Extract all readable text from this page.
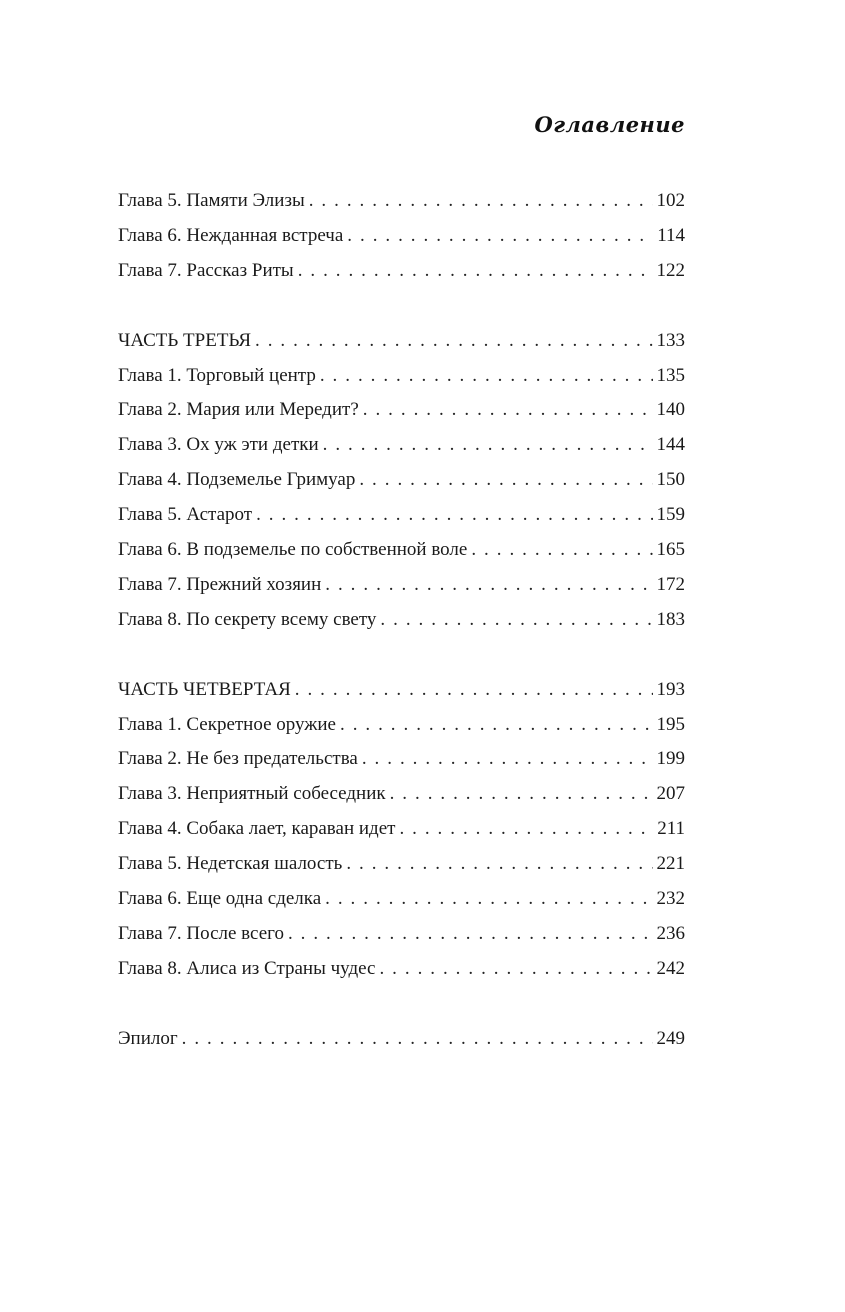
Оглавление
Глава 5. Памяти Элизы . . .	102
Глава 6. Нежданная встреча . . .	114
Глава 7. Рассказ Риты . . .	122
ЧАСТЬ ТРЕТЬЯ . . .	133
Глава 1. Торговый центр . . .	135
Глава 2. Мария или Мередит? . . .	140
Глава 3. Ох уж эти детки . . .	144
Глава 4. Подземелье Гримуар . . .	150
Глава 5. Астарот . . .	159
Глава 6. В подземелье по собственной воле . . .	165
Глава 7. Прежний хозяин . . .	172
Глава 8. По секрету всему свету . . .	183
ЧАСТЬ ЧЕТВЕРТАЯ . . .	193
Глава 1. Секретное оружие . . .	195
Глава 2. Не без предательства . . .	199
Глава 3. Неприятный собеседник . . .	207
Глава 4. Собака лает, караван идет . . .	211
Глава 5. Недетская шалость . . .	221
Глава 6. Еще одна сделка . . .	232
Глава 7. После всего . . .	236
Глава 8. Алиса из Страны чудес . . .	242
Эпилог . . .	249
